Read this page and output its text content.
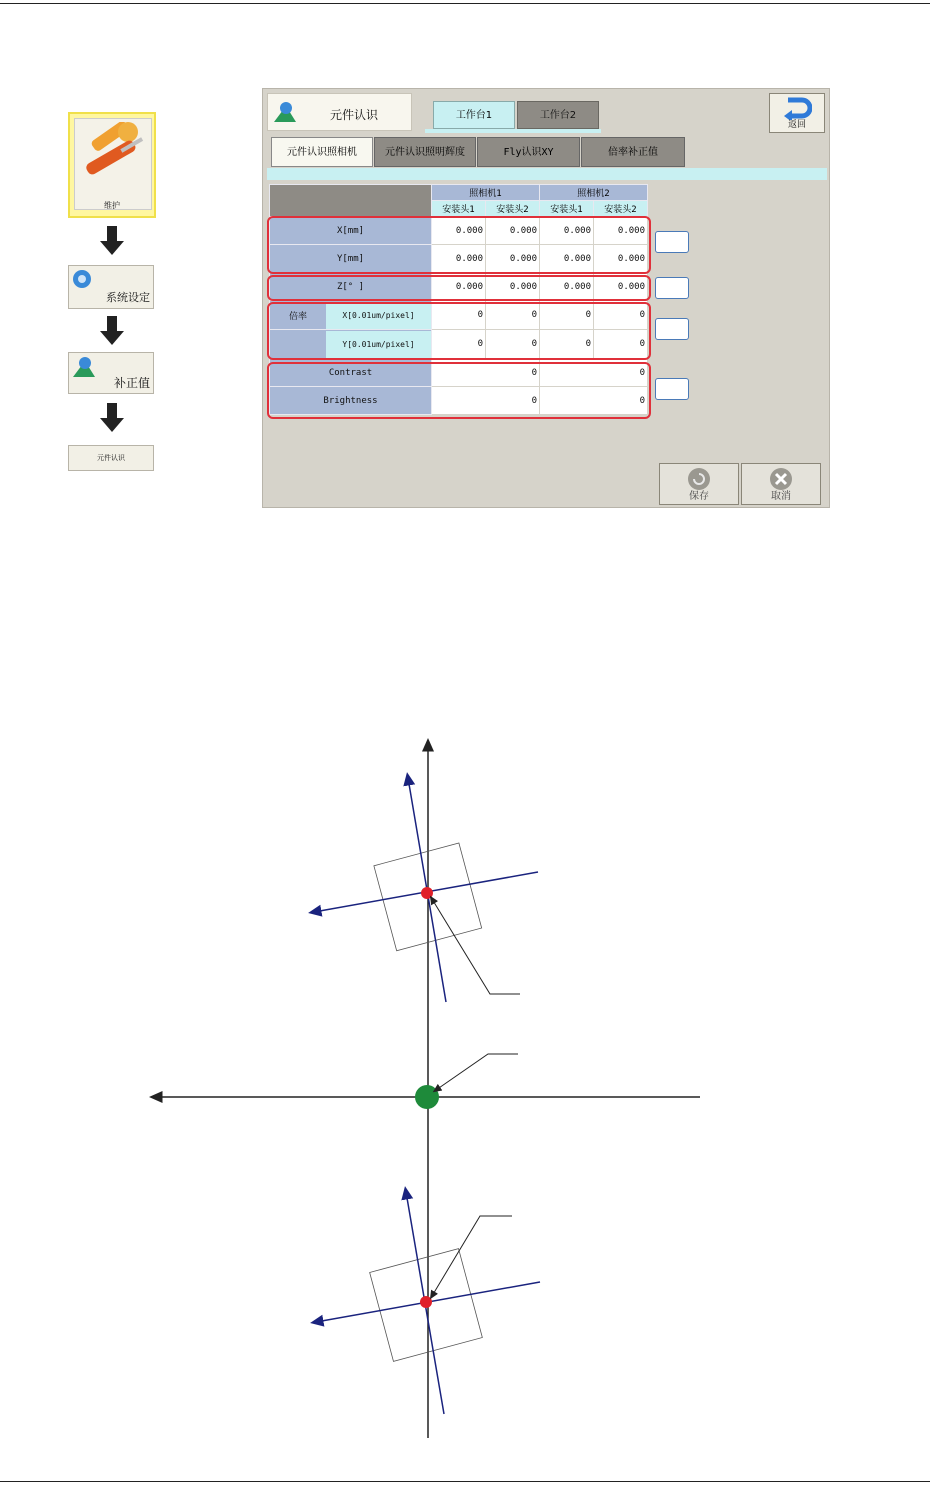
维护
系统设定
补正值
元件认识
元件认识	工作台1	工作台2
返回
元件认识照相机	元件认识照明辉度	Fly认识XY	倍率补正值
	照相机1		照相机2	
	安装头1	安装头2	安装头1	安装头2
X[mm]	0.000	0.000	0.000	0.000
Y[mm]	0.000	0.000	0.000	0.000
Z[° ]	0.000	0.000	0.000	0.000

倍率 X[0.01um/pixel]	0	0	0	0

Y[0.01um/pixel]	0	0	0	0
Contrast	0		0	
Brightness	0		0	
保存	取消
